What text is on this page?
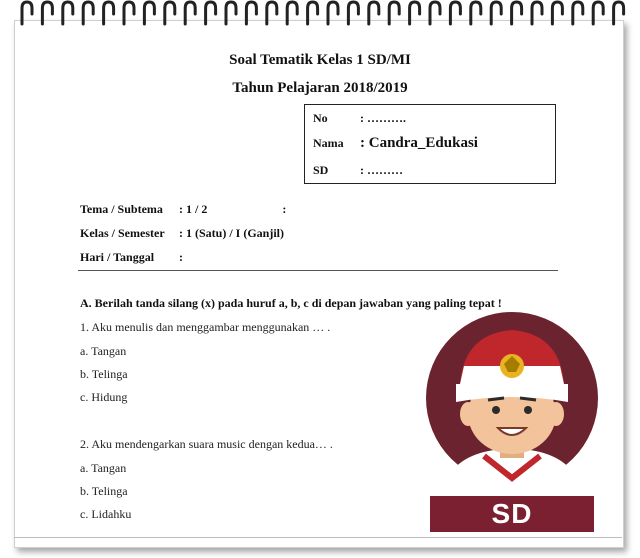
Soal Tematik Kelas 1 SD/MI
Tahun Pelajaran 2018/2019
No	: ……….
Nama : Candra_Edukasi
SD	: ………
Tema / Subtema : 1 / 2	:
Kelas / Semester : 1 (Satu) / I (Ganjil)
Hari / Tanggal :
A. Berilah tanda silang (x) pada huruf a, b, c di depan jawaban yang paling tepat !
1. Aku menulis dan menggambar menggunakan … .
a. Tangan
b. Telinga
c. Hidung
2. Aku mendengarkan suara music dengan kedua… .
a. Tangan
b. Telinga
c. Lidahku	SD
